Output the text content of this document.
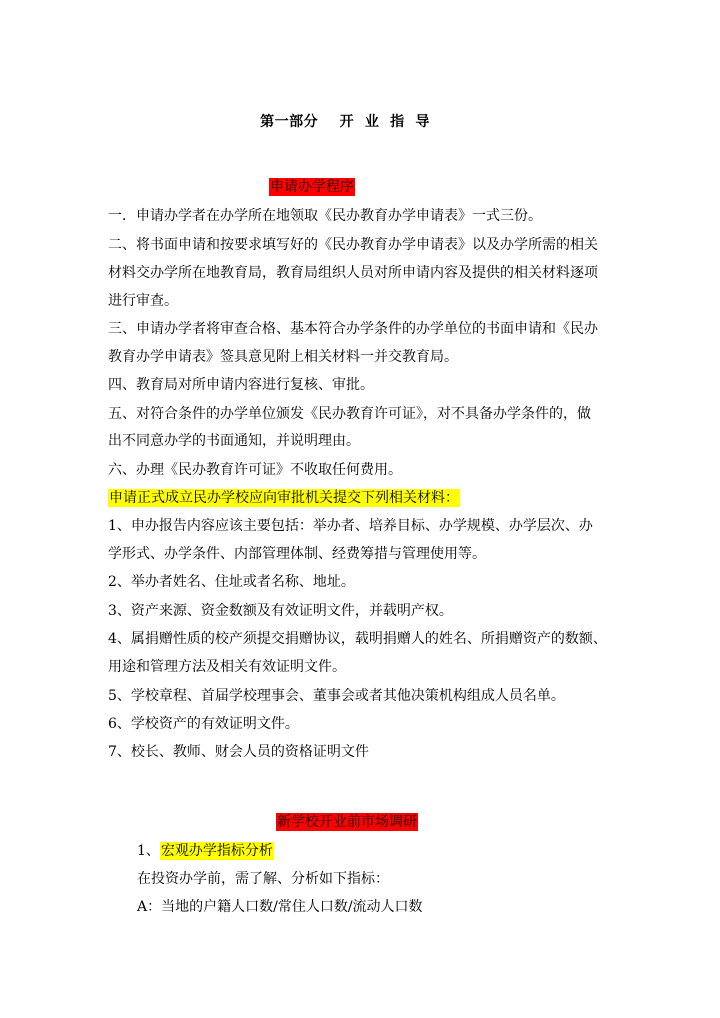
第一部分    开  业  指  导
申请办学程序
一．申请办学者在办学所在地领取《民办教育办学申请表》一式三份。
二、将书面申请和按要求填写好的《民办教育办学申请表》以及办学所需的相关
材料交办学所在地教育局，教育局组织人员对所申请内容及提供的相关材料逐项
进行审查。
三、申请办学者将审查合格、基本符合办学条件的办学单位的书面申请和《民办
教育办学申请表》签具意见附上相关材料一并交教育局。
四、教育局对所申请内容进行复核、审批。
五、对符合条件的办学单位颁发《民办教育许可证》，对不具备办学条件的，做
出不同意办学的书面通知，并说明理由。
六、办理《民办教育许可证》不收取任何费用。
申请正式成立民办学校应向审批机关提交下列相关材料：
1、申办报告内容应该主要包括：举办者、培养目标、办学规模、办学层次、办
学形式、办学条件、内部管理体制、经费筹措与管理使用等。
2、举办者姓名、住址或者名称、地址。
3、资产来源、资金数额及有效证明文件，并载明产权。
4、属捐赠性质的校产须提交捐赠协议，载明捐赠人的姓名、所捐赠资产的数额、
用途和管理方法及相关有效证明文件。
5、学校章程、首届学校理事会、董事会或者其他决策机构组成人员名单。
6、学校资产的有效证明文件。
7、校长、教师、财会人员的资格证明文件
新学校开业前市场调研
1、宏观办学指标分析
在投资办学前，需了解、分析如下指标：
A：当地的户籍人口数/常住人口数/流动人口数
